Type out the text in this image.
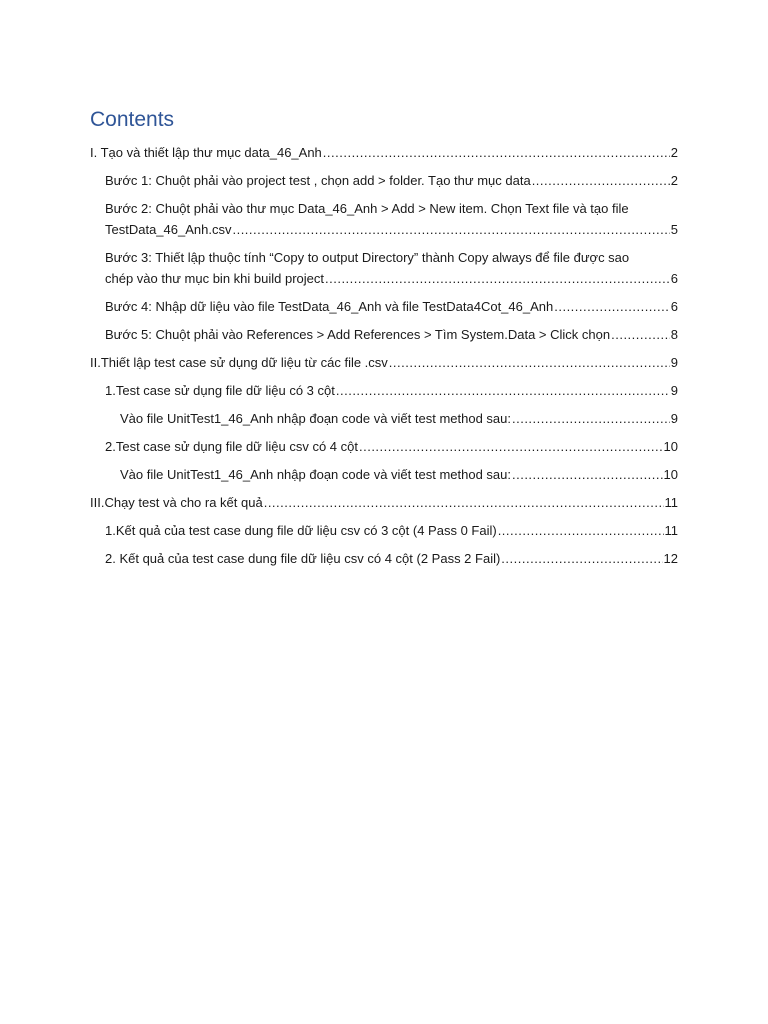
Contents
I. Tạo và thiết lập thư mục data_46_Anh .....	2
Bước 1: Chuột phải vào project test , chọn add > folder. Tạo thư mục data .....	2
Bước 2: Chuột phải vào thư mục Data_46_Anh > Add > New item. Chọn Text file và tạo file
TestData_46_Anh.csv .....	5
Bước 3: Thiết lập thuộc tính “Copy to output Directory” thành Copy always để file được sao
chép vào thư mục bin khi build project .....	6
Bước 4: Nhập dữ liệu vào file TestData_46_Anh và file TestData4Cot_46_Anh .....	6
Bước 5: Chuột phải vào References > Add References > Tìm System.Data > Click chọn .....	8
II.Thiết lập test case sử dụng dữ liệu từ các file .csv .....	9
1.Test case sử dụng file dữ liệu có 3 cột .....	9
Vào file UnitTest1_46_Anh nhập đoạn code và viết test method sau: .....	9
2.Test case sử dụng file dữ liệu csv có 4 cột .....	10
Vào file UnitTest1_46_Anh nhập đoạn code và viết test method sau: .....	10
III.Chạy test và cho ra kết quả .....	11
1.Kết quả của test case dung file dữ liệu csv có 3 cột (4 Pass 0 Fail) .....	11
2. Kết quả của test case dung file dữ liệu csv có 4 cột (2 Pass 2 Fail) .....	12
